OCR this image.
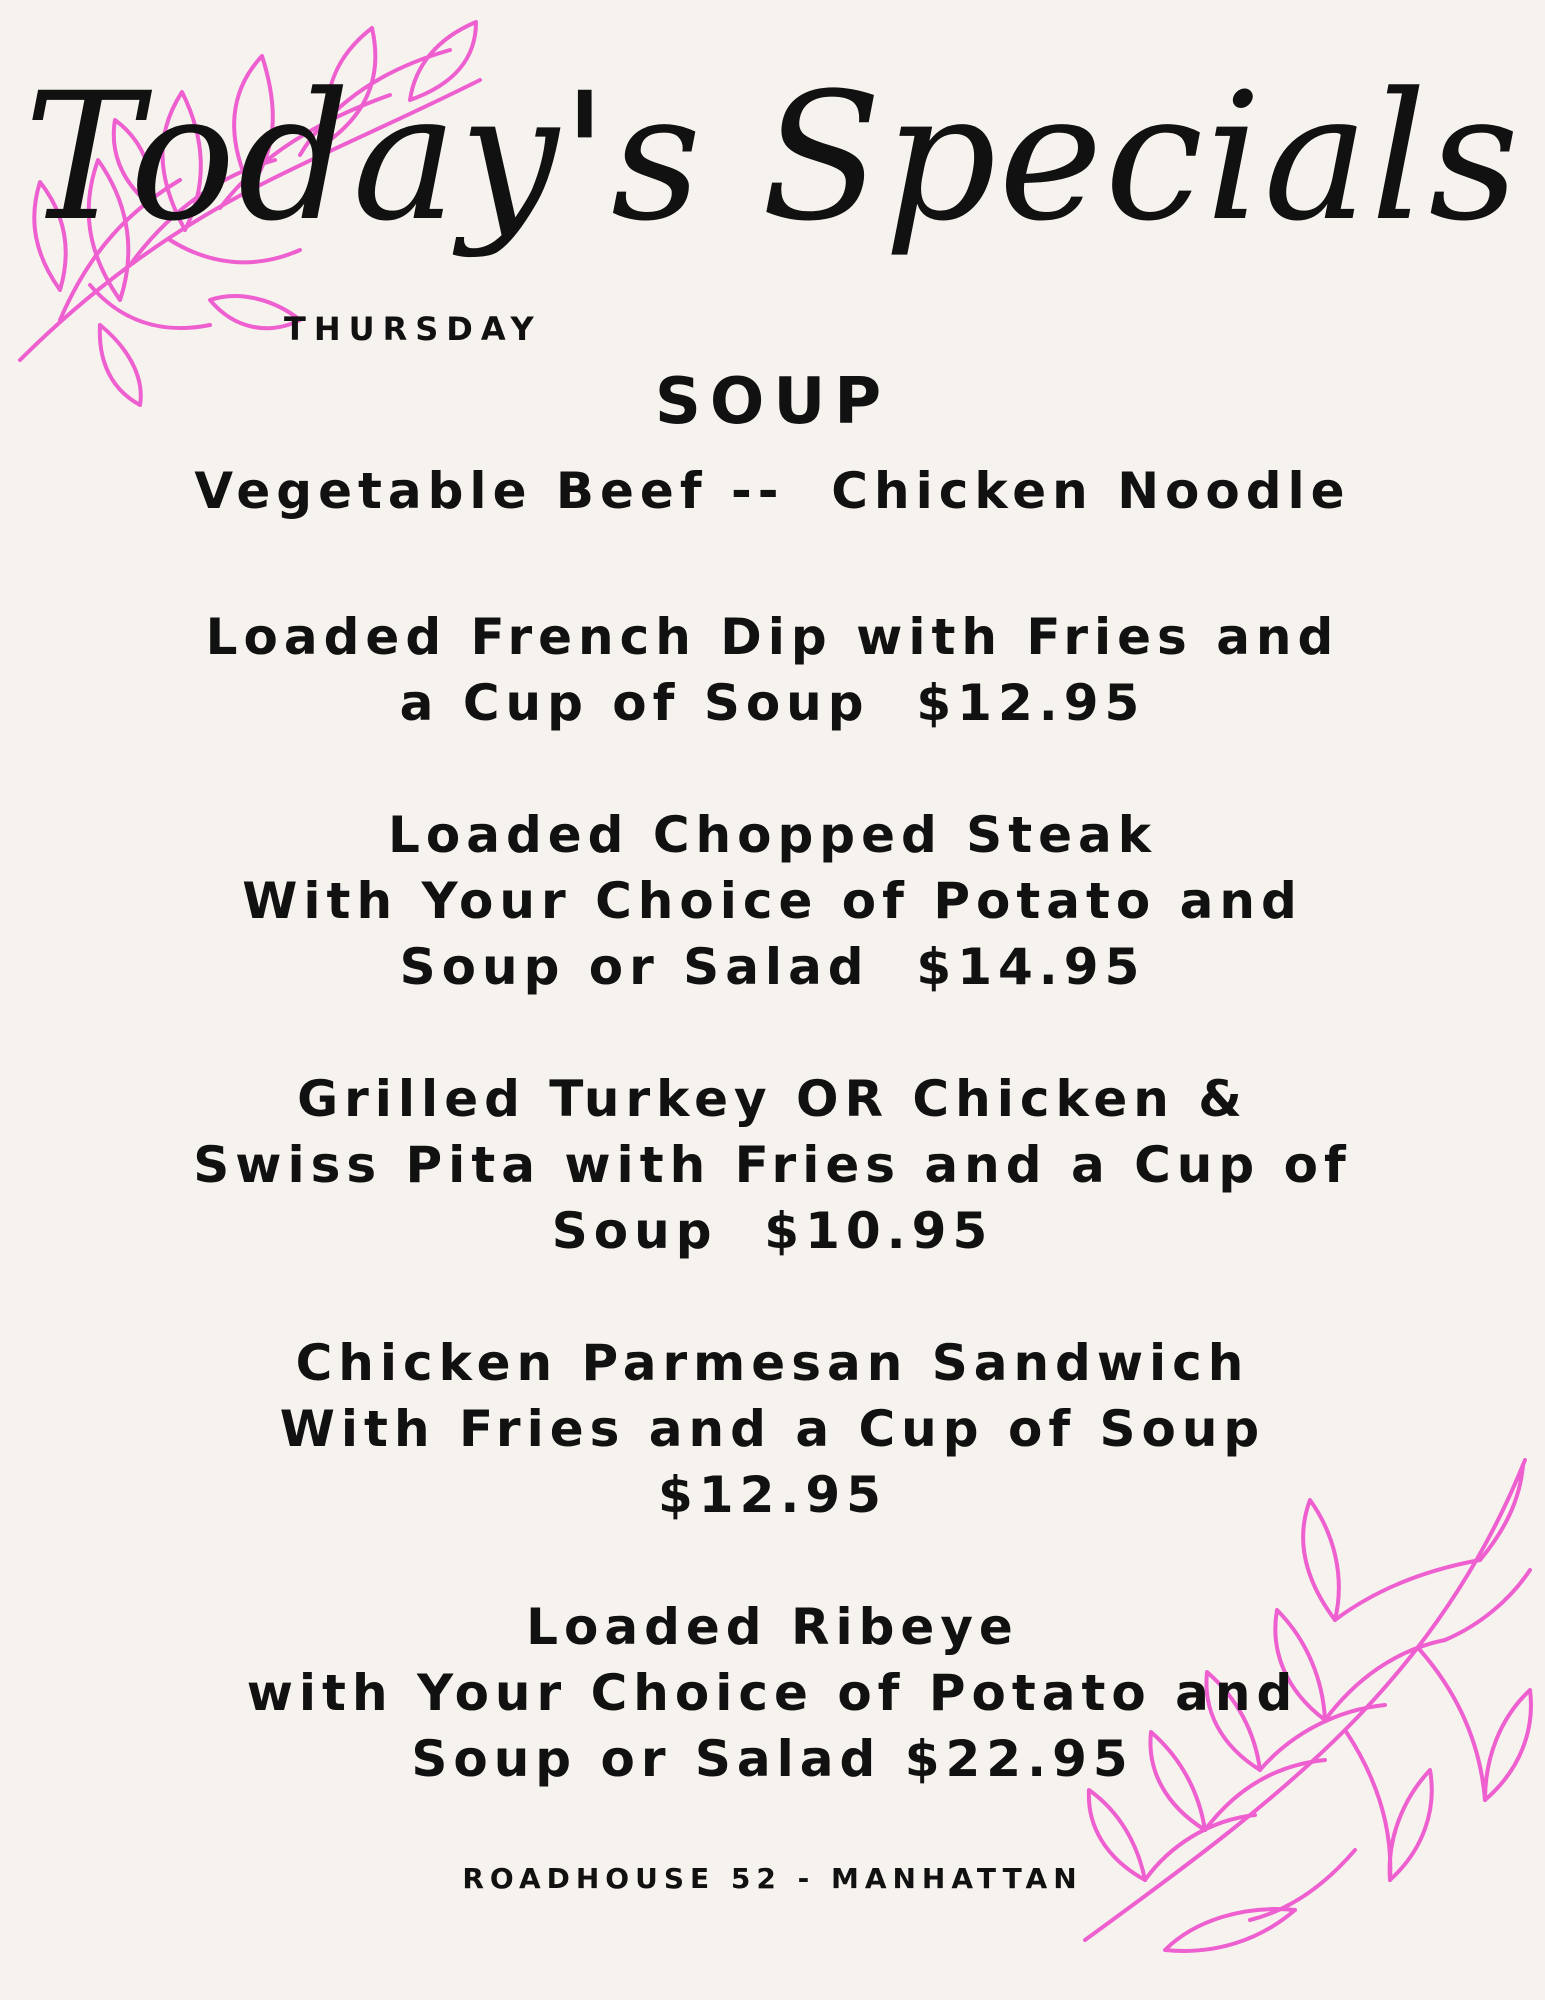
Today's Specials
THURSDAY
SOUP
Vegetable Beef --  Chicken Noodle
Loaded French Dip with Fries and
a Cup of Soup  $12.95
Loaded Chopped Steak
With Your Choice of Potato and
Soup or Salad  $14.95
Grilled Turkey OR Chicken &
Swiss Pita with Fries and a Cup of
Soup  $10.95
Chicken Parmesan Sandwich
With Fries and a Cup of Soup
$12.95
Loaded Ribeye
with Your Choice of Potato and
Soup or Salad $22.95
ROADHOUSE 52 - MANHATTAN
